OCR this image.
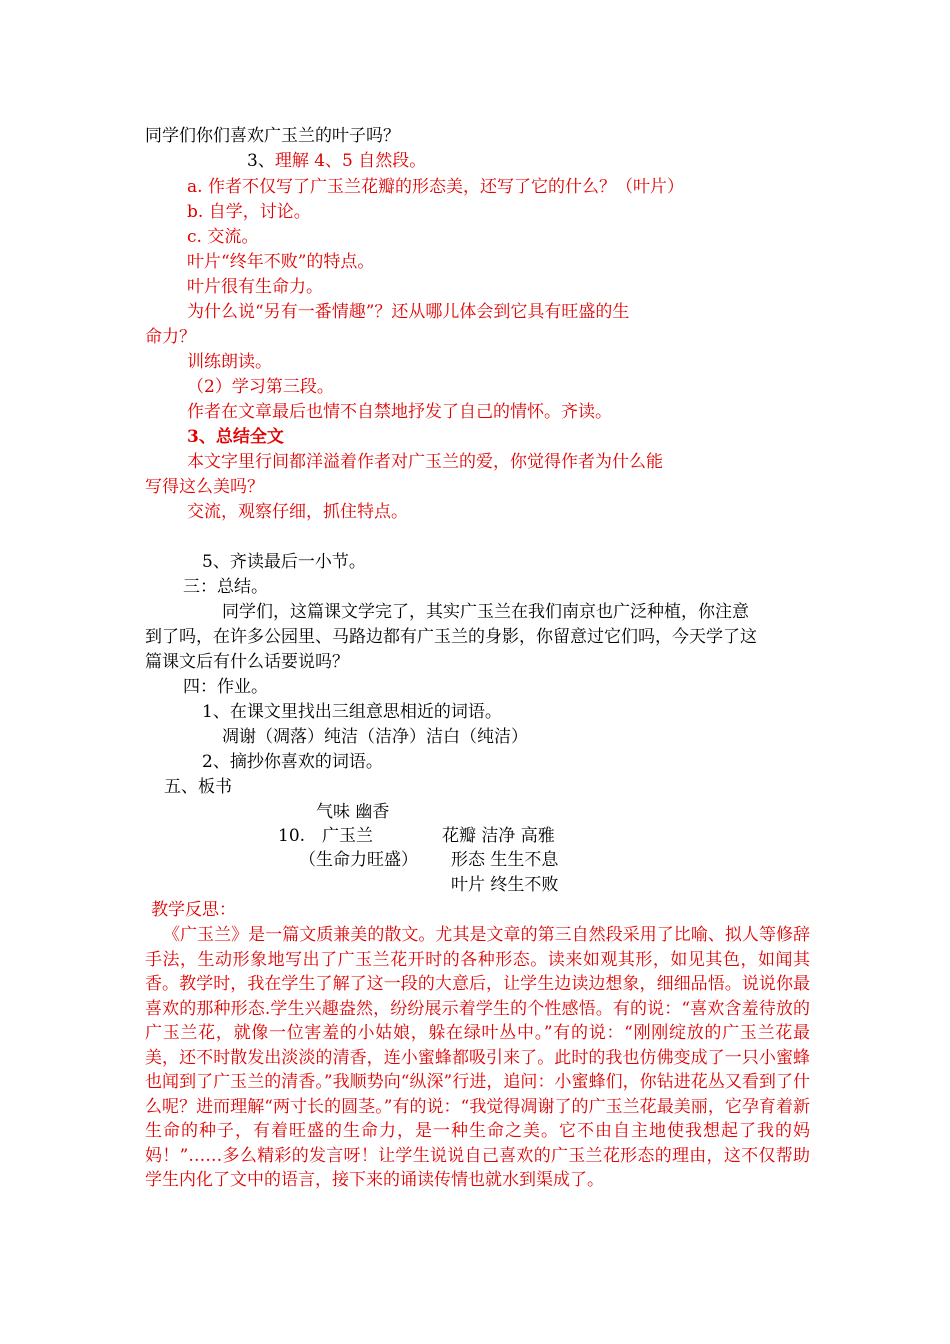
同学们你们喜欢广玉兰的叶子吗？
3、理解 4、5 自然段。
a. 作者不仅写了广玉兰花瓣的形态美，还写了它的什么？（叶片）
b. 自学，讨论。
c. 交流。
叶片“终年不败”的特点。
叶片很有生命力。
为什么说“另有一番情趣”？还从哪儿体会到它具有旺盛的生
命力？
训练朗读。
（2）学习第三段。
作者在文章最后也情不自禁地抒发了自己的情怀。齐读。
3、总结全文
本文字里行间都洋溢着作者对广玉兰的爱，你觉得作者为什么能
写得这么美吗？
交流，观察仔细，抓住特点。
5、齐读最后一小节。
三：总结。
同学们，这篇课文学完了，其实广玉兰在我们南京也广泛种植，你注意
到了吗，在许多公园里、马路边都有广玉兰的身影，你留意过它们吗，今天学了这
篇课文后有什么话要说吗？
四：作业。
1、在课文里找出三组意思相近的词语。
凋谢（凋落）纯洁（洁净）洁白（纯洁）
2、摘抄你喜欢的词语。
五、板书
气味 幽香
10. 广玉兰	花瓣 洁净 高雅
（生命力旺盛） 形态 生生不息
叶片 终生不败
教学反思：
《广玉兰》是一篇文质兼美的散文。尤其是文章的第三自然段采用了比喻、拟人等修辞手法，生动形象地写出了广玉兰花开时的各种形态。读来如观其形，如见其色，如闻其香。教学时，我在学生了解了这一段的大意后，让学生边读边想象，细细品悟。说说你最喜欢的那种形态.学生兴趣盎然，纷纷展示着学生的个性感悟。有的说：“喜欢含羞待放的广玉兰花，就像一位害羞的小姑娘，躲在绿叶丛中。”有的说：“刚刚绽放的广玉兰花最美，还不时散发出淡淡的清香，连小蜜蜂都吸引来了。此时的我也仿佛变成了一只小蜜蜂也闻到了广玉兰的清香。”我顺势向“纵深”行进，追问：小蜜蜂们，你钻进花丛又看到了什么呢？进而理解“两寸长的圆茎。”有的说：“我觉得凋谢了的广玉兰花最美丽，它孕育着新生命的种子，有着旺盛的生命力，是一种生命之美。它不由自主地使我想起了我的妈妈！”……多么精彩的发言呀！让学生说说自己喜欢的广玉兰花形态的理由，这不仅帮助学生内化了文中的语言，接下来的诵读传情也就水到渠成了。
